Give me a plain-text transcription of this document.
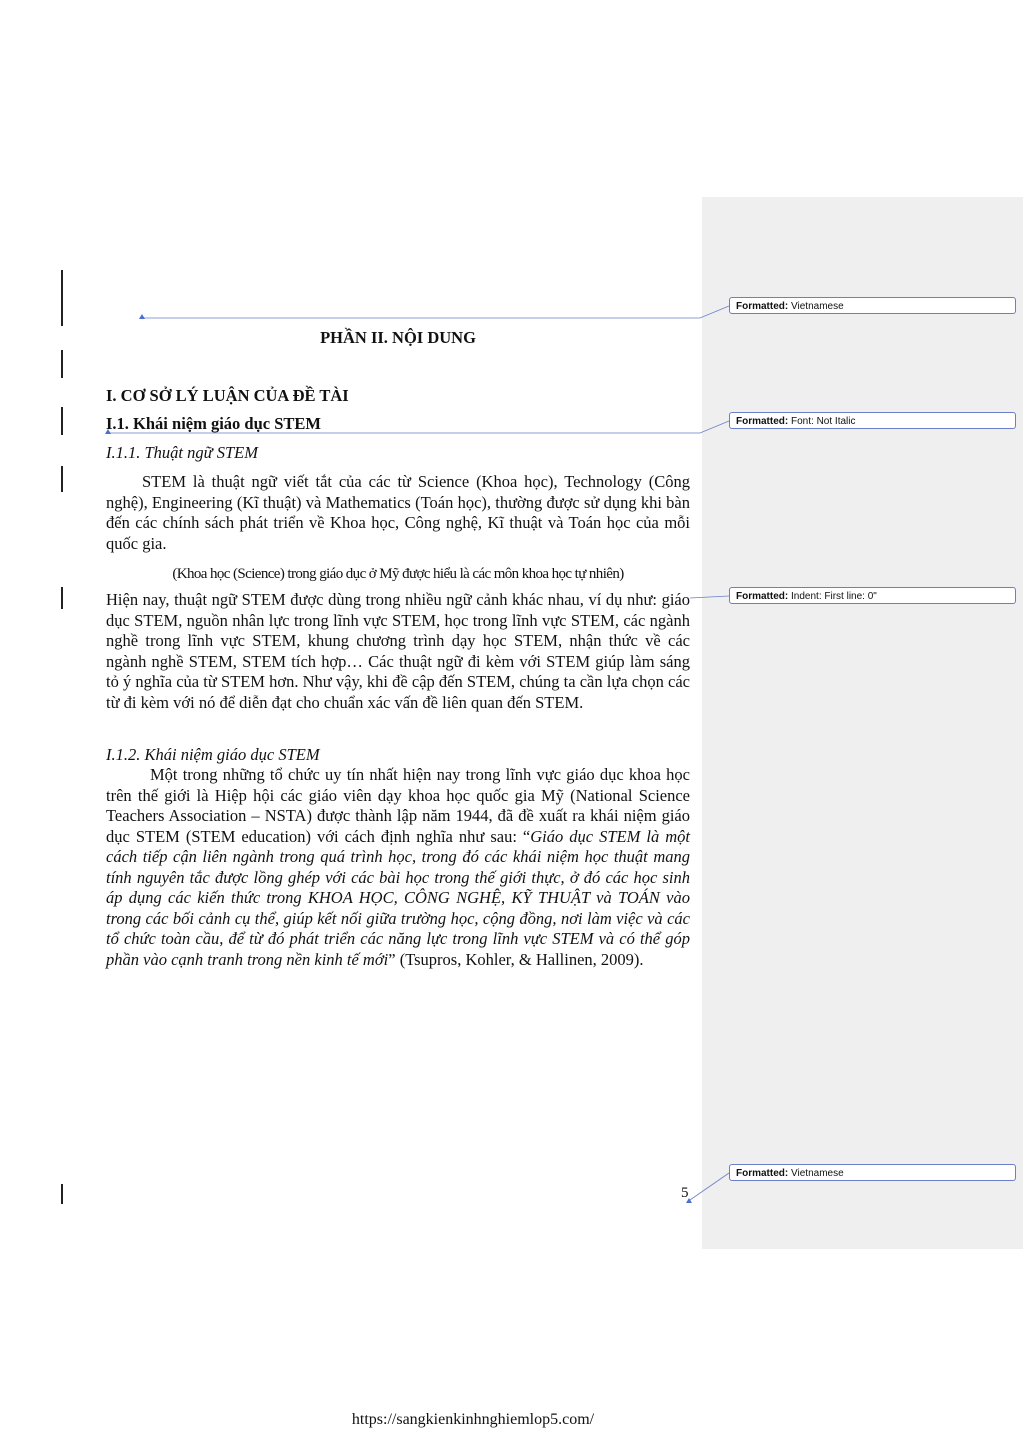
Formatted: Vietnamese
Formatted: Font: Not Italic
Formatted: Indent: First line: 0"
Formatted: Vietnamese
PHẦN II. NỘI DUNG
I. CƠ SỞ LÝ LUẬN CỦA ĐỀ TÀI
I.1. Khái niệm giáo dục STEM
I.1.1. Thuật ngữ STEM
STEM là thuật ngữ viết tắt của các từ Science (Khoa học), Technology (Công nghệ), Engineering (Kĩ thuật) và Mathematics (Toán học), thường được sử dụng khi bàn đến các chính sách phát triển về Khoa học, Công nghệ, Kĩ thuật và Toán học của mỗi quốc gia.
(Khoa học (Science) trong giáo dục ở Mỹ được hiểu là các môn khoa học tự nhiên)
Hiện nay, thuật ngữ STEM được dùng trong nhiều ngữ cảnh khác nhau, ví dụ như: giáo dục STEM, nguồn nhân lực trong lĩnh vực STEM, học trong lĩnh vực STEM, các ngành nghề trong lĩnh vực STEM, khung chương trình dạy học STEM, nhận thức về các ngành nghề STEM, STEM tích hợp… Các thuật ngữ đi kèm với STEM giúp làm sáng tỏ ý nghĩa của từ STEM hơn. Như vậy, khi đề cập đến STEM, chúng ta cần lựa chọn các từ đi kèm với nó để diễn đạt cho chuẩn xác vấn đề liên quan đến STEM.
I.1.2. Khái niệm giáo dục STEM
Một trong những tổ chức uy tín nhất hiện nay trong lĩnh vực giáo dục khoa học trên thế giới là Hiệp hội các giáo viên dạy khoa học quốc gia Mỹ (National Science Teachers Association – NSTA) được thành lập năm 1944, đã đề xuất ra khái niệm giáo dục STEM (STEM education) với cách định nghĩa như sau: “Giáo dục STEM là một cách tiếp cận liên ngành trong quá trình học, trong đó các khái niệm học thuật mang tính nguyên tắc được lồng ghép với các bài học trong thế giới thực, ở đó các học sinh áp dụng các kiến thức trong KHOA HỌC, CÔNG NGHỆ, KỸ THUẬT và TOÁN vào trong các bối cảnh cụ thể, giúp kết nối giữa trường học, cộng đồng, nơi làm việc và các tổ chức toàn cầu, để từ đó phát triển các năng lực trong lĩnh vực STEM và có thể góp phần vào cạnh tranh trong nền kinh tế mới” (Tsupros, Kohler, & Hallinen, 2009).
5
https://sangkienkinhnghiemlop5.com/
